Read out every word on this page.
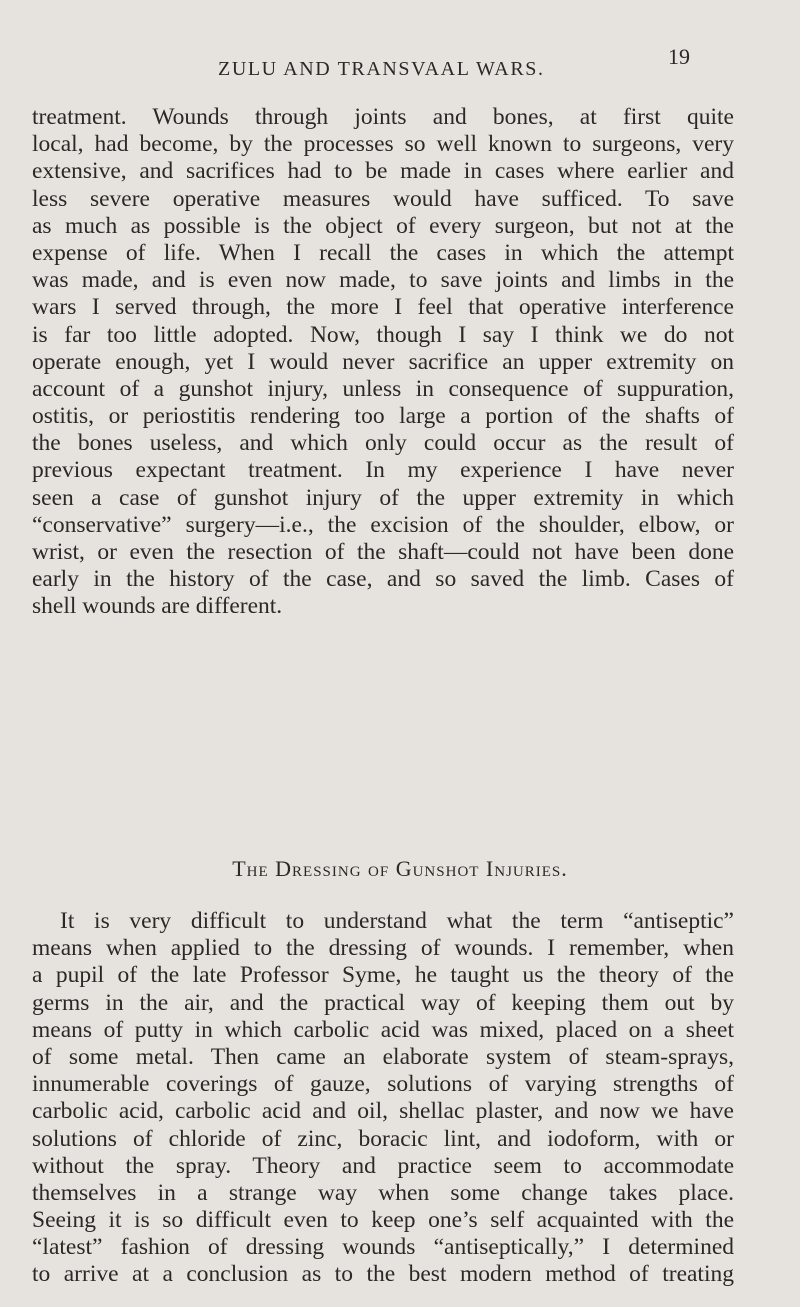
ZULU AND TRANSVAAL WARS.	19
treatment. Wounds through joints and bones, at first quite
local, had become, by the processes so well known to surgeons, very
extensive, and sacrifices had to be made in cases where earlier and
less severe operative measures would have sufficed. To save
as much as possible is the object of every surgeon, but not at the
expense of life. When I recall the cases in which the attempt
was made, and is even now made, to save joints and limbs in the
wars I served through, the more I feel that operative interference
is far too little adopted. Now, though I say I think we do not
operate enough, yet I would never sacrifice an upper extremity on
account of a gunshot injury, unless in consequence of suppuration,
ostitis, or periostitis rendering too large a portion of the shafts of
the bones useless, and which only could occur as the result of
previous expectant treatment. In my experience I have never
seen a case of gunshot injury of the upper extremity in which
“conservative” surgery—i.e., the excision of the shoulder, elbow, or
wrist, or even the resection of the shaft—could not have been done
early in the history of the case, and so saved the limb. Cases of
shell wounds are different.
The Dressing of Gunshot Injuries.
It is very difficult to understand what the term “antiseptic”
means when applied to the dressing of wounds. I remember, when
a pupil of the late Professor Syme, he taught us the theory of the
germs in the air, and the practical way of keeping them out by
means of putty in which carbolic acid was mixed, placed on a sheet
of some metal. Then came an elaborate system of steam-sprays,
innumerable coverings of gauze, solutions of varying strengths of
carbolic acid, carbolic acid and oil, shellac plaster, and now we have
solutions of chloride of zinc, boracic lint, and iodoform, with or
without the spray. Theory and practice seem to accommodate
themselves in a strange way when some change takes place.
Seeing it is so difficult even to keep one’s self acquainted with the
“latest” fashion of dressing wounds “antiseptically,” I determined
to arrive at a conclusion as to the best modern method of treating
